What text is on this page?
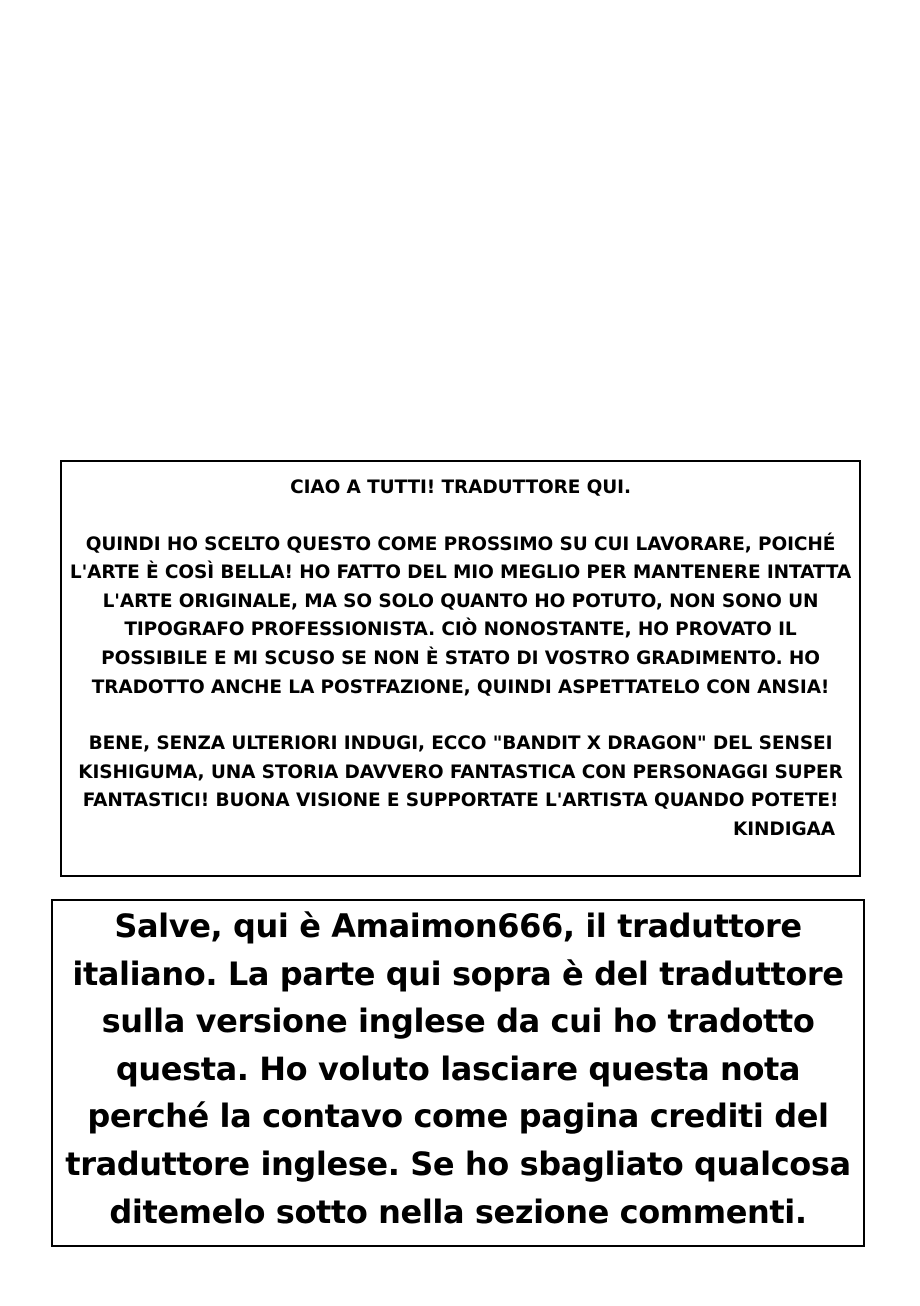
CIAO A TUTTI! TRADUTTORE QUI.

QUINDI HO SCELTO QUESTO COME PROSSIMO SU CUI LAVORARE, POICHÉ L'ARTE È COSÌ BELLA! HO FATTO DEL MIO MEGLIO PER MANTENERE INTATTA L'ARTE ORIGINALE, MA SO SOLO QUANTO HO POTUTO, NON SONO UN TIPOGRAFO PROFESSIONISTA. CIÒ NONOSTANTE, HO PROVATO IL POSSIBILE E MI SCUSO SE NON È STATO DI VOSTRO GRADIMENTO. HO TRADOTTO ANCHE LA POSTFAZIONE, QUINDI ASPETTATELO CON ANSIA!

BENE, SENZA ULTERIORI INDUGI, ECCO "BANDIT X DRAGON" DEL SENSEI KISHIGUMA, UNA STORIA DAVVERO FANTASTICA CON PERSONAGGI SUPER FANTASTICI! BUONA VISIONE E SUPPORTATE L'ARTISTA QUANDO POTETE!

KINDIGAA

Salve, qui è Amaimon666, il traduttore italiano. La parte qui sopra è del traduttore sulla versione inglese da cui ho tradotto questa. Ho voluto lasciare questa nota perché la contavo come pagina crediti del traduttore inglese. Se ho sbagliato qualcosa ditemelo sotto nella sezione commenti.
